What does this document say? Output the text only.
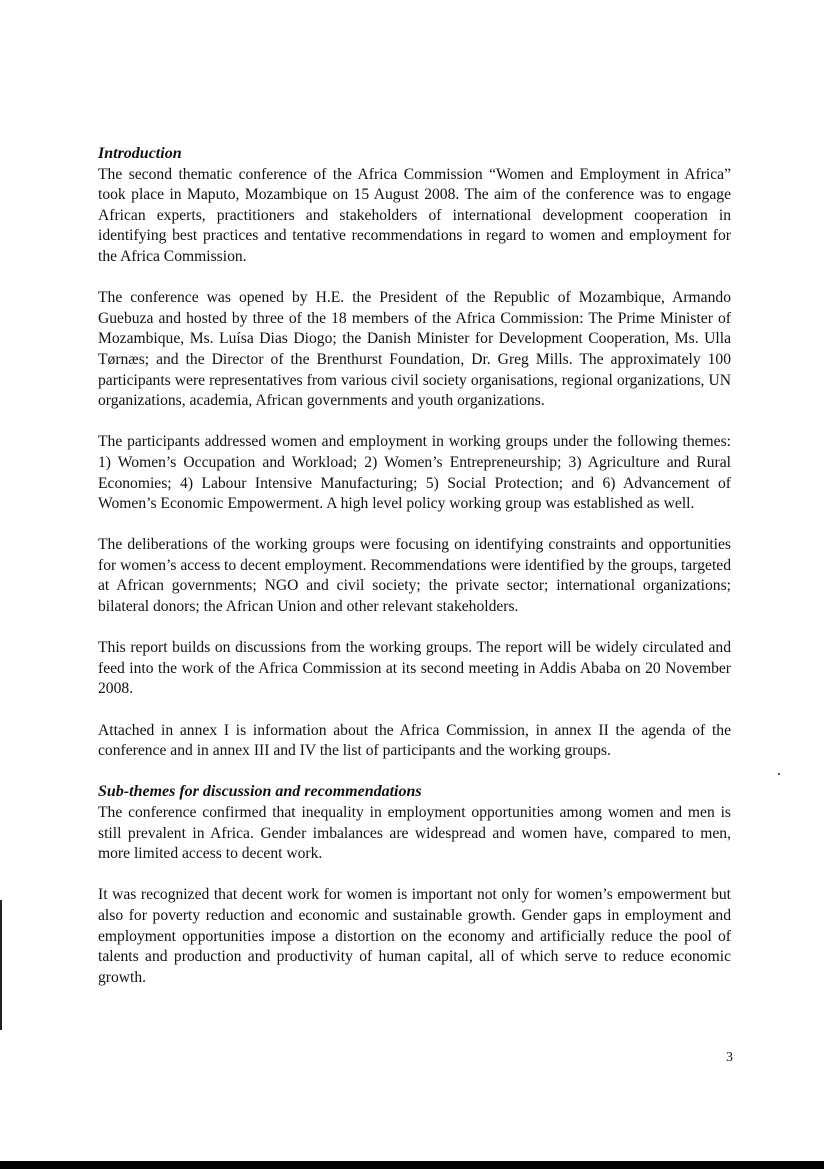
Introduction

The second thematic conference of the Africa Commission “Women and Employment in Africa” took place in Maputo, Mozambique on 15 August 2008. The aim of the conference was to engage African experts, practitioners and stakeholders of international development cooperation in identifying best practices and tentative recommendations in regard to women and employment for the Africa Commission.

The conference was opened by H.E. the President of the Republic of Mozambique, Armando Guebuza and hosted by three of the 18 members of the Africa Commission: The Prime Minister of Mozambique, Ms. Luísa Dias Diogo; the Danish Minister for Development Cooperation, Ms. Ulla Tørnæs; and the Director of the Brenthurst Foundation, Dr. Greg Mills. The approximately 100 participants were representatives from various civil society organisations, regional organizations, UN organizations, academia, African governments and youth organizations.

The participants addressed women and employment in working groups under the following themes: 1) Women’s Occupation and Workload; 2) Women’s Entrepreneurship; 3) Agriculture and Rural Economies; 4) Labour Intensive Manufacturing; 5) Social Protection; and 6) Advancement of Women’s Economic Empowerment. A high level policy working group was established as well.

The deliberations of the working groups were focusing on identifying constraints and opportunities for women’s access to decent employment. Recommendations were identified by the groups, targeted at African governments; NGO and civil society; the private sector; international organizations; bilateral donors; the African Union and other relevant stakeholders.

This report builds on discussions from the working groups. The report will be widely circulated and feed into the work of the Africa Commission at its second meeting in Addis Ababa on 20 November 2008.

Attached in annex I is information about the Africa Commission, in annex II the agenda of the conference and in annex III and IV the list of participants and the working groups.

Sub-themes for discussion and recommendations

The conference confirmed that inequality in employment opportunities among women and men is still prevalent in Africa. Gender imbalances are widespread and women have, compared to men, more limited access to decent work.

It was recognized that decent work for women is important not only for women’s empowerment but also for poverty reduction and economic and sustainable growth. Gender gaps in employment and employment opportunities impose a distortion on the economy and artificially reduce the pool of talents and production and productivity of human capital, all of which serve to reduce economic growth.

3
